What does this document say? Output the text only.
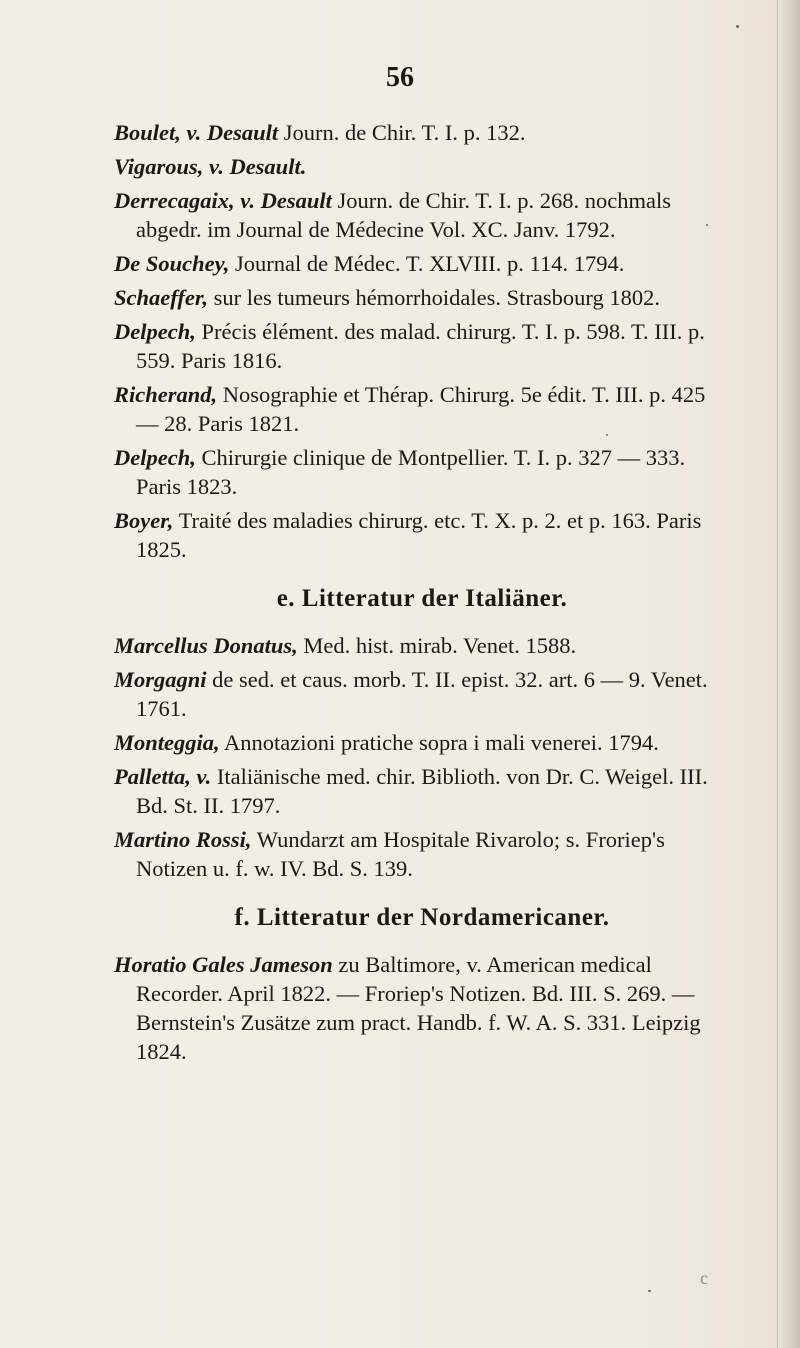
56

Boulet, v. Desault Journ. de Chir. T. I. p. 132.

Vigarous, v. Desault.

Derrecagaix, v. Desault Journ. de Chir. T. I. p. 268. nochmals abgedr. im Journal de Médecine Vol. XC. Janv. 1792.

De Souchey, Journal de Médec. T. XLVIII. p. 114. 1794.

Schaeffer, sur les tumeurs hémorrhoidales. Strasbourg 1802.

Delpech, Précis élément. des malad. chirurg. T. I. p. 598. T. III. p. 559. Paris 1816.

Richerand, Nosographie et Thérap. Chirurg. 5e édit. T. III. p. 425 — 28. Paris 1821.

Delpech, Chirurgie clinique de Montpellier. T. I. p. 327 — 333. Paris 1823.

Boyer, Traité des maladies chirurg. etc. T. X. p. 2. et p. 163. Paris 1825.

e. Litteratur der Italiäner.

Marcellus Donatus, Med. hist. mirab. Venet. 1588.

Morgagni de sed. et caus. morb. T. II. epist. 32. art. 6 — 9. Venet. 1761.

Monteggia, Annotazioni pratiche sopra i mali venerei. 1794.

Palletta, v. Italiänische med. chir. Biblioth. von Dr. C. Weigel. III. Bd. St. II. 1797.

Martino Rossi, Wundarzt am Hospitale Rivarolo; s. Froriep's Notizen u. f. w. IV. Bd. S. 139.

f. Litteratur der Nordamericaner.

Horatio Gales Jameson zu Baltimore, v. American medical Recorder. April 1822. — Froriep's Notizen. Bd. III. S. 269. — Bernstein's Zusätze zum pract. Handb. f. W. A. S. 331. Leipzig 1824.

c
